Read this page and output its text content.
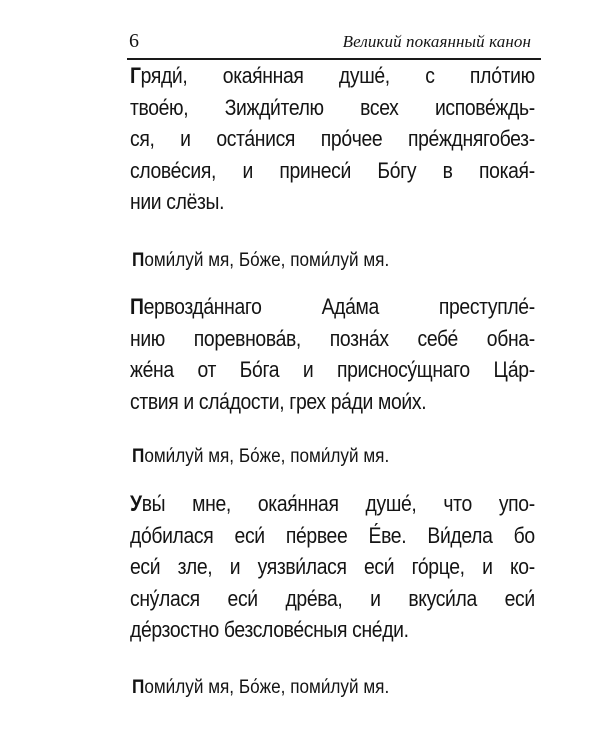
6	Великий покаянный канон
Гряди́, окая́нная душе́, с пло́тию
твое́ю, Зижди́телю всех испове́ждь-
ся, и оста́нися про́чее пре́жднягобез-
слове́сия, и принеси́ Бо́гу в покая́-
нии слёзы.
Поми́луй мя, Бо́же, поми́луй мя.
Первозда́ннаго Ада́ма преступле́-
нию поревнова́в, позна́х себе́ обна-
же́на от Бо́га и присносу́щнаго Ца́р-
ствия и сла́дости, грех ра́ди мои́х.
Поми́луй мя, Бо́же, поми́луй мя.
Увы́ мне, окая́нная душе́, что упо-
до́билася еси́ пе́рвее Е́ве. Ви́дела бо
еси́ зле, и уязви́лася еси́ го́рце, и ко-
сну́лася еси́ дре́ва, и вкуси́ла еси́
де́рзостно безслове́сныя сне́ди.
Поми́луй мя, Бо́же, поми́луй мя.
